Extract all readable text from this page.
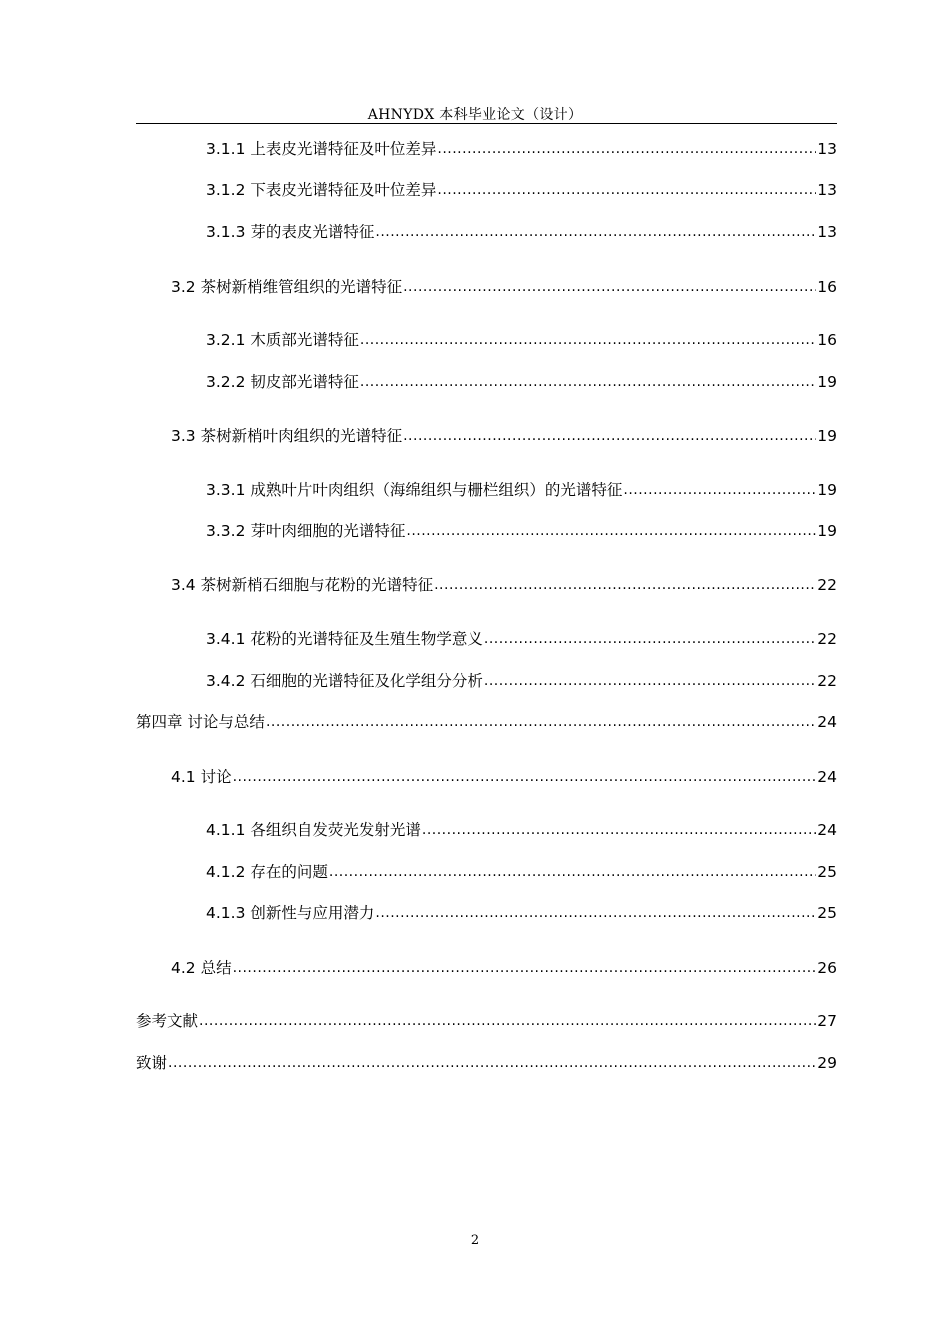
AHNYDX 本科毕业论文（设计）
3.1.1 上表皮光谱特征及叶位差异 .....	13
3.1.2 下表皮光谱特征及叶位差异 .....	13
3.1.3 芽的表皮光谱特征 .....	13
3.2 茶树新梢维管组织的光谱特征 .....	16
3.2.1 木质部光谱特征 .....	16
3.2.2 韧皮部光谱特征 .....	19
3.3 茶树新梢叶肉组织的光谱特征 .....	19
3.3.1 成熟叶片叶肉组织（海绵组织与栅栏组织）的光谱特征 .....	19
3.3.2 芽叶肉细胞的光谱特征 .....	19
3.4 茶树新梢石细胞与花粉的光谱特征 .....	22
3.4.1 花粉的光谱特征及生殖生物学意义 .....	22
3.4.2 石细胞的光谱特征及化学组分分析 .....	22
第四章 讨论与总结 .....	24
4.1 讨论 .....	24
4.1.1 各组织自发荧光发射光谱 .....	24
4.1.2 存在的问题 .....	25
4.1.3 创新性与应用潜力 .....	25
4.2 总结 .....	26
参考文献 .....	27
致谢 .....	29
2
